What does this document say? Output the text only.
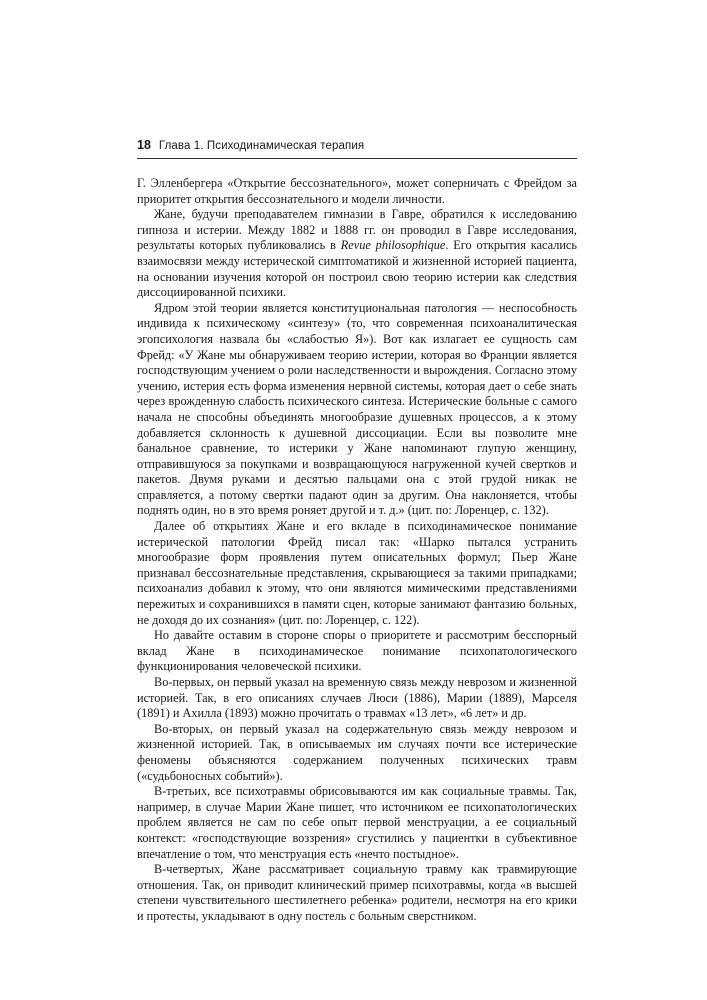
18 Глава 1. Психодинамическая терапия

Г. Элленбергера «Открытие бессознательного», может соперничать с Фрейдом за приоритет открытия бессознательного и модели личности.

Жане, будучи преподавателем гимназии в Гавре, обратился к исследованию гипноза и истерии. Между 1882 и 1888 гг. он проводил в Гавре исследования, результаты которых публиковались в Revue philosophique. Его открытия касались взаимосвязи между истерической симптоматикой и жизненной историей пациента, на основании изучения которой он построил свою теорию истерии как следствия диссоциированной психики.

Ядром этой теории является конституциональная патология — неспособность индивида к психическому «синтезу» (то, что современная психоаналитическая эгопсихология назвала бы «слабостью Я»). Вот как излагает ее сущность сам Фрейд: «У Жане мы обнаруживаем теорию истерии, которая во Франции является господствующим учением о роли наследственности и вырождения. Согласно этому учению, истерия есть форма изменения нервной системы, которая дает о себе знать через врожденную слабость психического синтеза. Истерические больные с самого начала не способны объединять многообразие душевных процессов, а к этому добавляется склонность к душевной диссоциации. Если вы позволите мне банальное сравнение, то истерики у Жане напоминают глупую женщину, отправившуюся за покупками и возвращающуюся нагруженной кучей свертков и пакетов. Двумя руками и десятью пальцами она с этой грудой никак не справляется, а потому свертки падают один за другим. Она наклоняется, чтобы поднять один, но в это время роняет другой и т. д.» (цит. по: Лоренцер, с. 132).

Далее об открытиях Жане и его вкладе в психодинамическое понимание истерической патологии Фрейд писал так: «Шарко пытался устранить многообразие форм проявления путем описательных формул; Пьер Жане признавал бессознательные представления, скрывающиеся за такими припадками; психоанализ добавил к этому, что они являются мимическими представлениями пережитых и сохранившихся в памяти сцен, которые занимают фантазию больных, не доходя до их сознания» (цит. по: Лоренцер, с. 122).

Но давайте оставим в стороне споры о приоритете и рассмотрим бесспорный вклад Жане в психодинамическое понимание психопатологического функционирования человеческой психики.

Во-первых, он первый указал на временную связь между неврозом и жизненной историей. Так, в его описаниях случаев Люси (1886), Марии (1889), Марселя (1891) и Ахилла (1893) можно прочитать о травмах «13 лет», «6 лет» и др.

Во-вторых, он первый указал на содержательную связь между неврозом и жизненной историей. Так, в описываемых им случаях почти все истерические феномены объясняются содержанием полученных психических травм («судьбоносных событий»).

В-третьих, все психотравмы обрисовываются им как социальные травмы. Так, например, в случае Марии Жане пишет, что источником ее психопатологических проблем является не сам по себе опыт первой менструации, а ее социальный контекст: «господствующие воззрения» сгустились у пациентки в субъективное впечатление о том, что менструация есть «нечто постыдное».

В-четвертых, Жане рассматривает социальную травму как травмирующие отношения. Так, он приводит клинический пример психотравмы, когда «в высшей степени чувствительного шестилетнего ребенка» родители, несмотря на его крики и протесты, укладывают в одну постель с больным сверстником.
